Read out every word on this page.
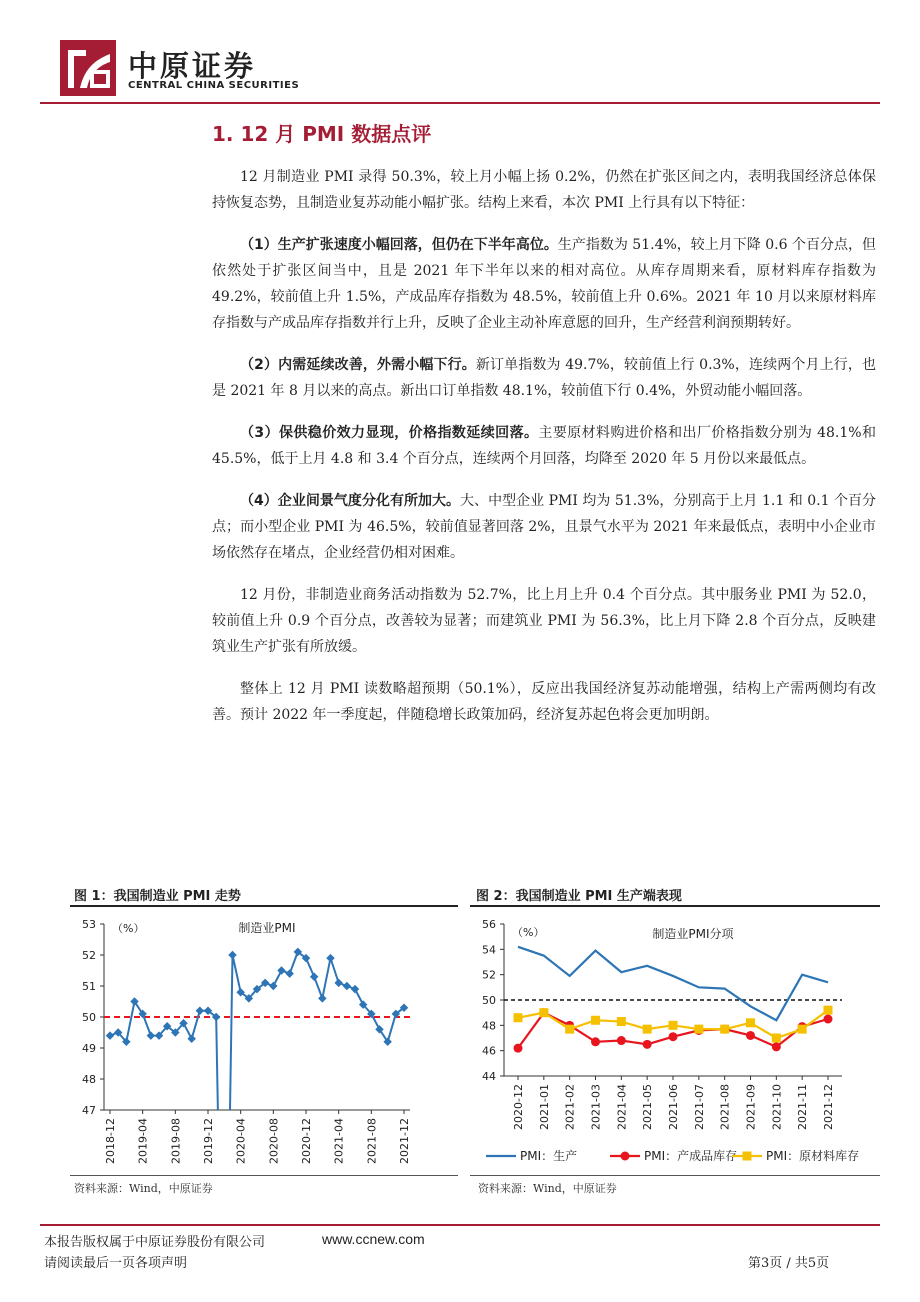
中原证券
CENTRAL CHINA SECURITIES
1. 12 月 PMI 数据点评

12 月制造业 PMI 录得 50.3%，较上月小幅上扬 0.2%，仍然在扩张区间之内，表明我国经济总体保持恢复态势，且制造业复苏动能小幅扩张。结构上来看，本次 PMI 上行具有以下特征：

（1）生产扩张速度小幅回落，但仍在下半年高位。生产指数为 51.4%，较上月下降 0.6 个百分点，但依然处于扩张区间当中，且是 2021 年下半年以来的相对高位。从库存周期来看，原材料库存指数为 49.2%，较前值上升 1.5%，产成品库存指数为 48.5%，较前值上升 0.6%。2021 年 10 月以来原材料库存指数与产成品库存指数并行上升，反映了企业主动补库意愿的回升，生产经营利润预期转好。

（2）内需延续改善，外需小幅下行。新订单指数为 49.7%，较前值上行 0.3%，连续两个月上行，也是 2021 年 8 月以来的高点。新出口订单指数 48.1%，较前值下行 0.4%，外贸动能小幅回落。

（3）保供稳价效力显现，价格指数延续回落。主要原材料购进价格和出厂价格指数分别为 48.1%和 45.5%，低于上月 4.8 和 3.4 个百分点，连续两个月回落，均降至 2020 年 5 月份以来最低点。

（4）企业间景气度分化有所加大。大、中型企业 PMI 均为 51.3%，分别高于上月 1.1 和 0.1 个百分点；而小型企业 PMI 为 46.5%，较前值显著回落 2%，且景气水平为 2021 年来最低点，表明中小企业市场依然存在堵点，企业经营仍相对困难。

12 月份，非制造业商务活动指数为 52.7%，比上月上升 0.4 个百分点。其中服务业 PMI 为 52.0，较前值上升 0.9 个百分点，改善较为显著；而建筑业 PMI 为 56.3%，比上月下降 2.8 个百分点，反映建筑业生产扩张有所放缓。

整体上 12 月 PMI 读数略超预期（50.1%），反应出我国经济复苏动能增强，结构上产需两侧均有改善。预计 2022 年一季度起，伴随稳增长政策加码，经济复苏起色将会更加明朗。

图 1：我国制造业 PMI 走势
47
48
49
50
51
52
53 （%）	制造业PMI
2018-12 2019-04 2019-08 2019-12 2020-04 2020-08 2020-12 2021-04 2021-08 2021-12
资料来源：Wind，中原证券
图 2：我国制造业 PMI 生产端表现
44
46
48
50
52
54
56
（%）	制造业PMI分项
2020-12 2021-01 2021-02 2021-03 2021-04 2021-05 2021-06 2021-07 2021-08 2021-09 2021-10 2021-11 2021-12
PMI：生产	PMI：产成品库存 PMI：原材料库存
资料来源：Wind，中原证券
本报告版权属于中原证券股份有限公司	www.ccnew.com
请阅读最后一页各项声明	第3页 / 共5页
